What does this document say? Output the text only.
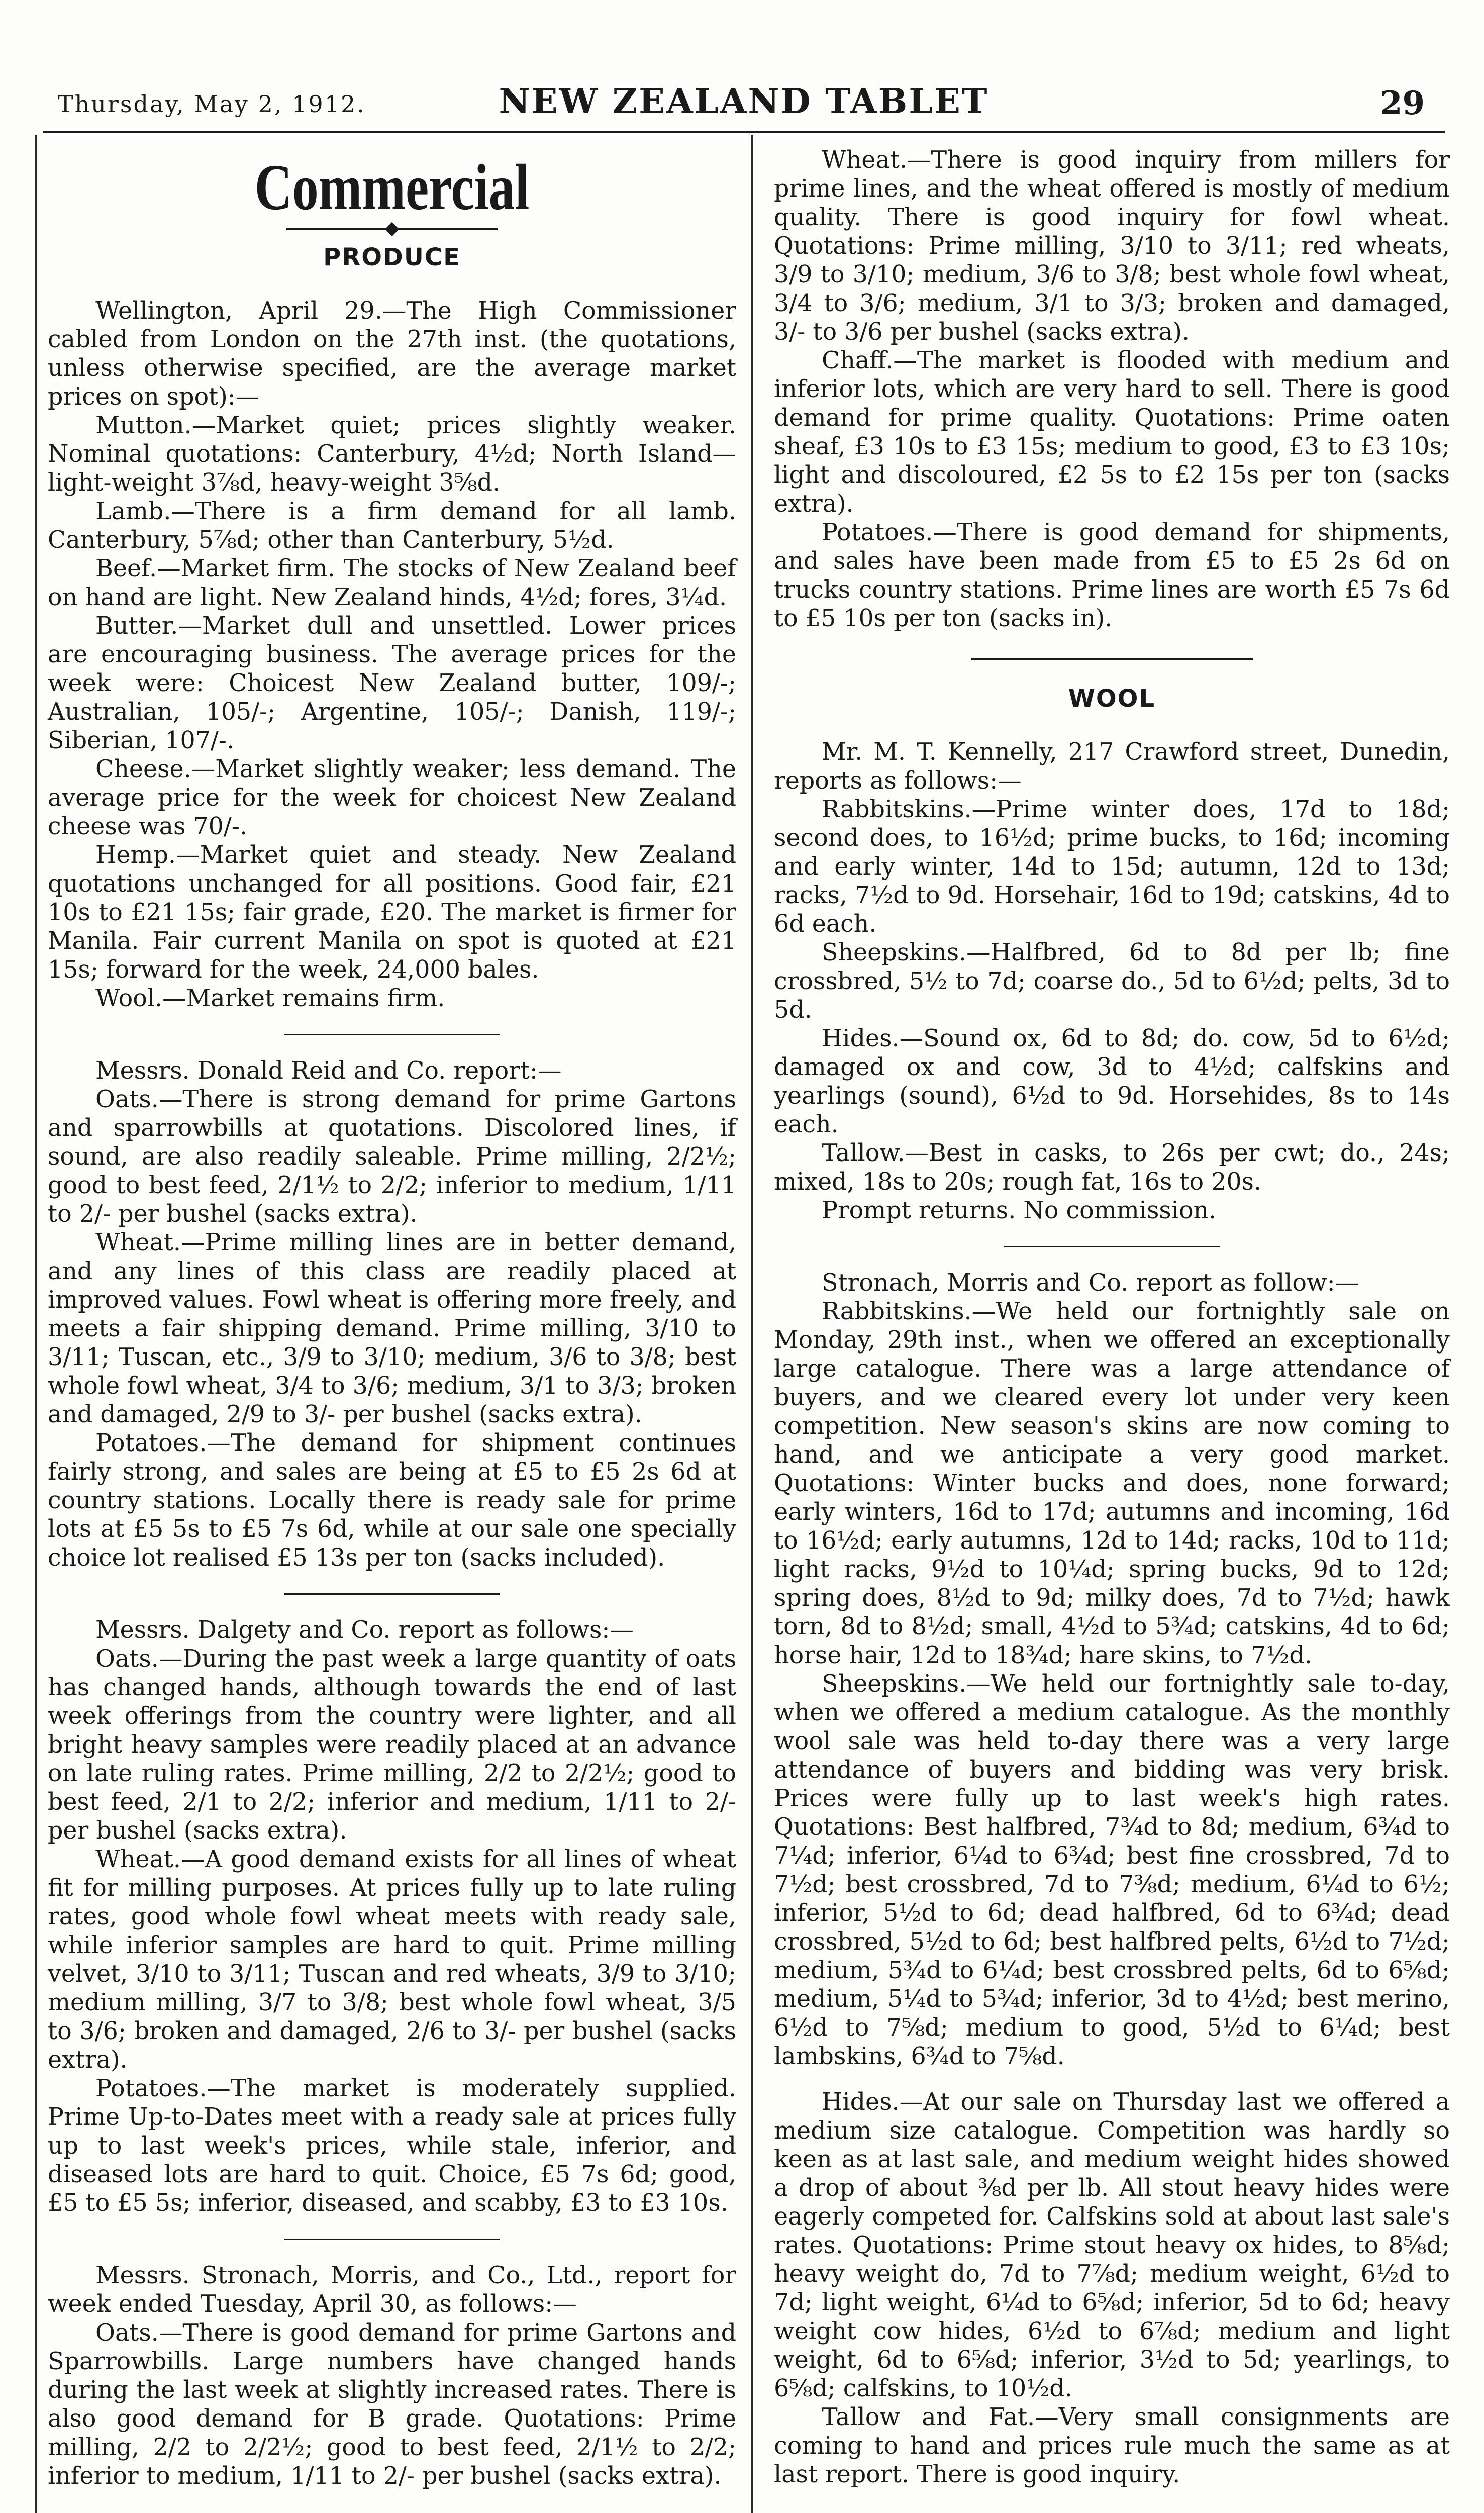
Thursday, May 2, 1912.	NEW ZEALAND TABLET	29
Commercial
PRODUCE

Wellington, April 29.—The High Commissioner cabled from London on the 27th inst. (the quotations, unless otherwise specified, are the average market prices on spot):—

Mutton.—Market quiet; prices slightly weaker. Nominal quotations: Canterbury, 4½d; North Island—light-weight 3⅞d, heavy-weight 3⅝d.

Lamb.—There is a firm demand for all lamb. Canterbury, 5⅞d; other than Canterbury, 5½d.

Beef.—Market firm. The stocks of New Zealand beef on hand are light. New Zealand hinds, 4½d; fores, 3¼d.

Butter.—Market dull and unsettled. Lower prices are encouraging business. The average prices for the week were: Choicest New Zealand butter, 109/-; Australian, 105/-; Argentine, 105/-; Danish, 119/-; Siberian, 107/-.

Cheese.—Market slightly weaker; less demand. The average price for the week for choicest New Zealand cheese was 70/-.

Hemp.—Market quiet and steady. New Zealand quotations unchanged for all positions. Good fair, £21 10s to £21 15s; fair grade, £20. The market is firmer for Manila. Fair current Manila on spot is quoted at £21 15s; forward for the week, 24,000 bales.

Wool.—Market remains firm.

Messrs. Donald Reid and Co. report:—

Oats.—There is strong demand for prime Gartons and sparrowbills at quotations. Discolored lines, if sound, are also readily saleable. Prime milling, 2/2½; good to best feed, 2/1½ to 2/2; inferior to medium, 1/11 to 2/- per bushel (sacks extra).

Wheat.—Prime milling lines are in better demand, and any lines of this class are readily placed at improved values. Fowl wheat is offering more freely, and meets a fair shipping demand. Prime milling, 3/10 to 3/11; Tuscan, etc., 3/9 to 3/10; medium, 3/6 to 3/8; best whole fowl wheat, 3/4 to 3/6; medium, 3/1 to 3/3; broken and damaged, 2/9 to 3/- per bushel (sacks extra).

Potatoes.—The demand for shipment continues fairly strong, and sales are being at £5 to £5 2s 6d at country stations. Locally there is ready sale for prime lots at £5 5s to £5 7s 6d, while at our sale one specially choice lot realised £5 13s per ton (sacks included).

Messrs. Dalgety and Co. report as follows:—

Oats.—During the past week a large quantity of oats has changed hands, although towards the end of last week offerings from the country were lighter, and all bright heavy samples were readily placed at an advance on late ruling rates. Prime milling, 2/2 to 2/2½; good to best feed, 2/1 to 2/2; inferior and medium, 1/11 to 2/- per bushel (sacks extra).

Wheat.—A good demand exists for all lines of wheat fit for milling purposes. At prices fully up to late ruling rates, good whole fowl wheat meets with ready sale, while inferior samples are hard to quit. Prime milling velvet, 3/10 to 3/11; Tuscan and red wheats, 3/9 to 3/10; medium milling, 3/7 to 3/8; best whole fowl wheat, 3/5 to 3/6; broken and damaged, 2/6 to 3/- per bushel (sacks extra).

Potatoes.—The market is moderately supplied. Prime Up-to-Dates meet with a ready sale at prices fully up to last week's prices, while stale, inferior, and diseased lots are hard to quit. Choice, £5 7s 6d; good, £5 to £5 5s; inferior, diseased, and scabby, £3 to £3 10s.

Messrs. Stronach, Morris, and Co., Ltd., report for week ended Tuesday, April 30, as follows:—

Oats.—There is good demand for prime Gartons and Sparrowbills. Large numbers have changed hands during the last week at slightly increased rates. There is also good demand for B grade. Quotations: Prime milling, 2/2 to 2/2½; good to best feed, 2/1½ to 2/2; inferior to medium, 1/11 to 2/- per bushel (sacks extra).

Wheat.—There is good inquiry from millers for prime lines, and the wheat offered is mostly of medium quality. There is good inquiry for fowl wheat. Quotations: Prime milling, 3/10 to 3/11; red wheats, 3/9 to 3/10; medium, 3/6 to 3/8; best whole fowl wheat, 3/4 to 3/6; medium, 3/1 to 3/3; broken and damaged, 3/- to 3/6 per bushel (sacks extra).

Chaff.—The market is flooded with medium and inferior lots, which are very hard to sell. There is good demand for prime quality. Quotations: Prime oaten sheaf, £3 10s to £3 15s; medium to good, £3 to £3 10s; light and discoloured, £2 5s to £2 15s per ton (sacks extra).

Potatoes.—There is good demand for shipments, and sales have been made from £5 to £5 2s 6d on trucks country stations. Prime lines are worth £5 7s 6d to £5 10s per ton (sacks in).

WOOL

Mr. M. T. Kennelly, 217 Crawford street, Dunedin, reports as follows:—

Rabbitskins.—Prime winter does, 17d to 18d; second does, to 16½d; prime bucks, to 16d; incoming and early winter, 14d to 15d; autumn, 12d to 13d; racks, 7½d to 9d. Horsehair, 16d to 19d; catskins, 4d to 6d each.

Sheepskins.—Halfbred, 6d to 8d per lb; fine crossbred, 5½ to 7d; coarse do., 5d to 6½d; pelts, 3d to 5d.

Hides.—Sound ox, 6d to 8d; do. cow, 5d to 6½d; damaged ox and cow, 3d to 4½d; calfskins and yearlings (sound), 6½d to 9d. Horsehides, 8s to 14s each.

Tallow.—Best in casks, to 26s per cwt; do., 24s; mixed, 18s to 20s; rough fat, 16s to 20s.

Prompt returns. No commission.

Stronach, Morris and Co. report as follow:—

Rabbitskins.—We held our fortnightly sale on Monday, 29th inst., when we offered an exceptionally large catalogue. There was a large attendance of buyers, and we cleared every lot under very keen competition. New season's skins are now coming to hand, and we anticipate a very good market. Quotations: Winter bucks and does, none forward; early winters, 16d to 17d; autumns and incoming, 16d to 16½d; early autumns, 12d to 14d; racks, 10d to 11d; light racks, 9½d to 10¼d; spring bucks, 9d to 12d; spring does, 8½d to 9d; milky does, 7d to 7½d; hawk torn, 8d to 8½d; small, 4½d to 5¾d; catskins, 4d to 6d; horse hair, 12d to 18¾d; hare skins, to 7½d.

Sheepskins.—We held our fortnightly sale to-day, when we offered a medium catalogue. As the monthly wool sale was held to-day there was a very large attendance of buyers and bidding was very brisk. Prices were fully up to last week's high rates. Quotations: Best halfbred, 7¾d to 8d; medium, 6¾d to 7¼d; inferior, 6¼d to 6¾d; best fine crossbred, 7d to 7½d; best crossbred, 7d to 7⅜d; medium, 6¼d to 6½; inferior, 5½d to 6d; dead halfbred, 6d to 6¾d; dead crossbred, 5½d to 6d; best halfbred pelts, 6½d to 7½d; medium, 5¾d to 6¼d; best crossbred pelts, 6d to 6⅝d; medium, 5¼d to 5¾d; inferior, 3d to 4½d; best merino, 6½d to 7⅝d; medium to good, 5½d to 6¼d; best lambskins, 6¾d to 7⅝d.

Hides.—At our sale on Thursday last we offered a medium size catalogue. Competition was hardly so keen as at last sale, and medium weight hides showed a drop of about ⅜d per lb. All stout heavy hides were eagerly competed for. Calfskins sold at about last sale's rates. Quotations: Prime stout heavy ox hides, to 8⅝d; heavy weight do, 7d to 7⅞d; medium weight, 6½d to 7d; light weight, 6¼d to 6⅝d; inferior, 5d to 6d; heavy weight cow hides, 6½d to 6⅞d; medium and light weight, 6d to 6⅝d; inferior, 3½d to 5d; yearlings, to 6⅝d; calfskins, to 10½d.

Tallow and Fat.—Very small consignments are coming to hand and prices rule much the same as at last report. There is good inquiry.
